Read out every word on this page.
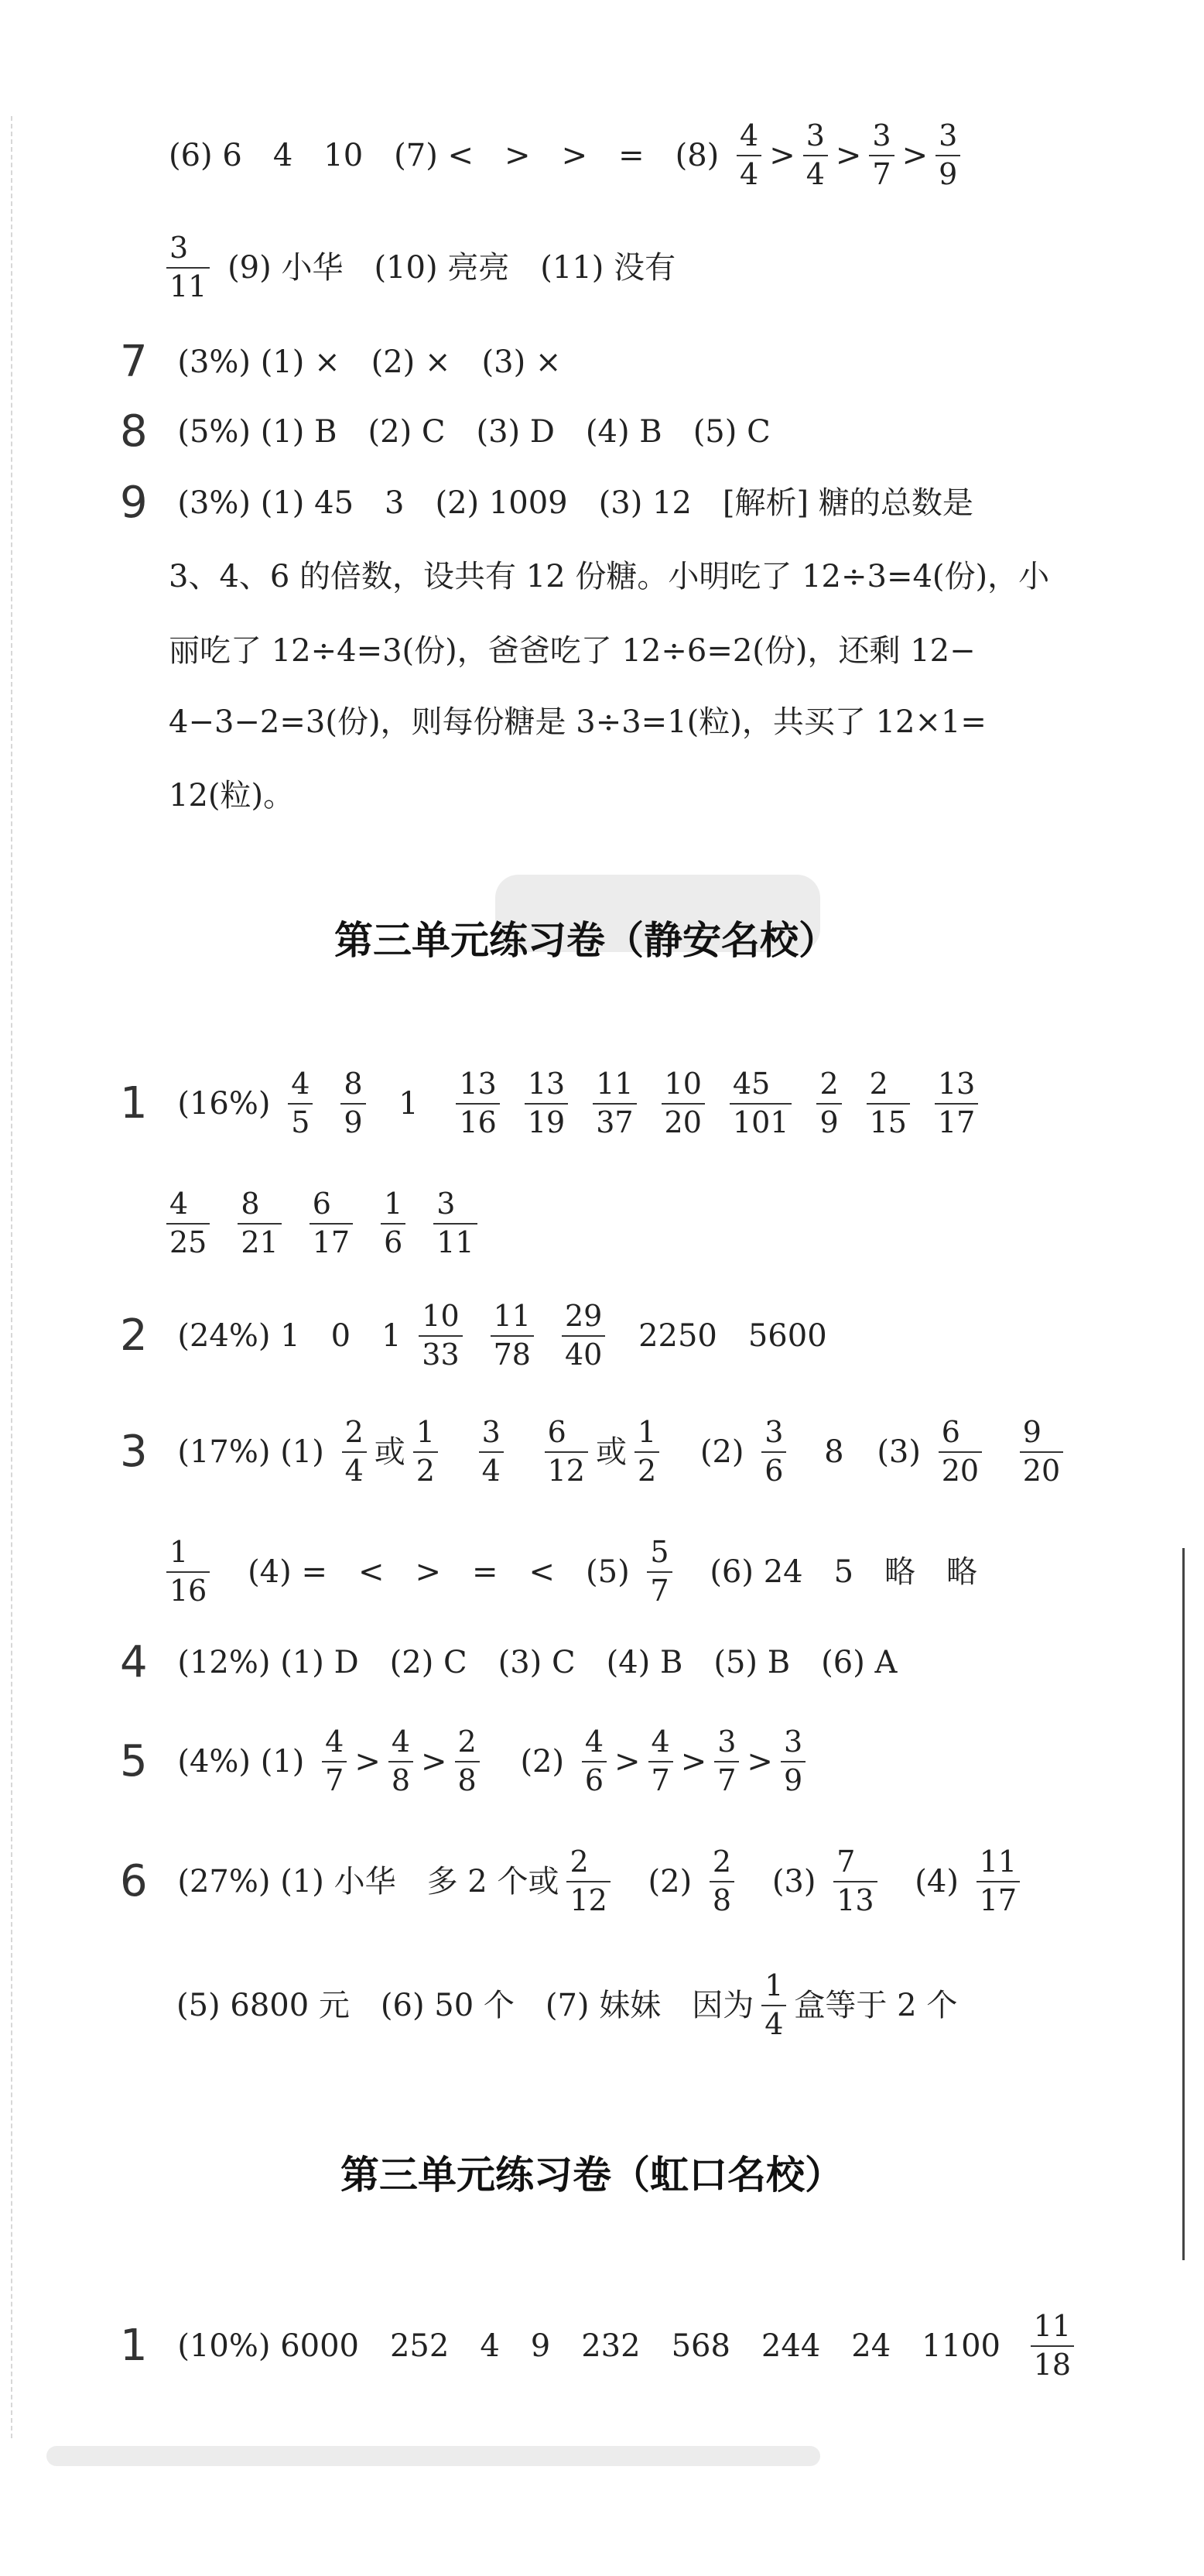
(6) 6　4　10　(7) <　>　>　=　$(8) \frac{4}{4} > \frac{3}{4} > \frac{3}{7} > \frac{3}{9}$
$\frac{3}{11} (9)$ 小华　(10) 亮亮　(11) 没有
7 (3%) (1) ×　(2) ×　(3) ×
8 (5%) (1) B　(2) C　(3) D　(4) B　(5) C
9 (3%) (1) 45　3　(2) 1009　(3) 12　[解析] 糖的总数是
3、4、6 的倍数，设共有 12 份糖。小明吃了 12÷3=4(份)，小
丽吃了 12÷4=3(份)，爸爸吃了 12÷6=2(份)，还剩 12−
4−3−2=3(份)，则每份糖是 3÷3=1(粒)，共买了 12×1=
12(粒)。
第三单元练习卷（静安名校）
1 $(16\%) \frac{4}{5} \frac{8}{9} 1 \frac{13}{16} \frac{13}{19} \frac{11}{37} \frac{10}{20} \frac{45}{101} \frac{2}{9} \frac{2}{15} \frac{13}{17}$
$\frac{4}{25} \frac{8}{21} \frac{6}{17} \frac{1}{6} \frac{3}{11}$
2 (24%) 1　0　$1 \frac{10}{33} \frac{11}{78} \frac{29}{40} 2250$　5600
3 (17%) $(1) \frac{2}{4}$ 或 $\frac{1}{2}$
$\frac{3}{4}$
$\frac{6}{12}$ 或 $\frac{1}{2} (2) \frac{3}{6} 8$ $(3) \frac{6}{20}$
$\frac{9}{20}$
$\frac{1}{16} (4)$ =　<　>　=　<　$(5) \frac{5}{7} (6)$ 24　5　略　略
4 (12%) (1) D　(2) C　(3) C　(4) B　(5) B　(6) A
5 (4%) $(1) \frac{4}{7} > \frac{4}{8} > \frac{2}{8} (2) \frac{4}{6} > \frac{4}{7} > \frac{3}{7} > \frac{3}{9}$
6 (27%) (1) 小华　多 2 个或 $\frac{2}{12} (2) \frac{2}{8} (3) \frac{7}{13} (4) \frac{11}{17}$
(5) 6800 元　(6) 50 个　(7) 妹妹　因为 $\frac{1}{4}$ 盒等于 2 个
第三单元练习卷（虹口名校）
1 (10%) 6000　252　4　9　232　568　244　24　$1100 \frac{11}{18}$
